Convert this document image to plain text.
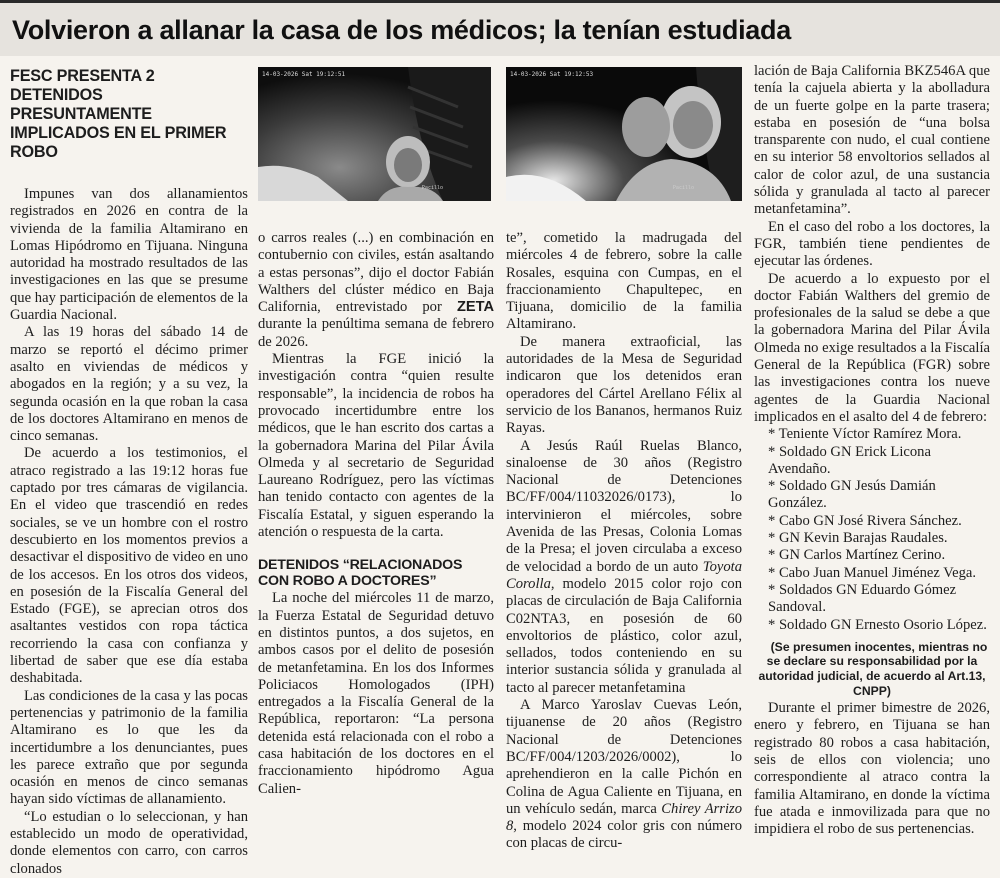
Volvieron a allanar la casa de los médicos; la tenían estudiada
14-03-2026 Sat 19:12:51
Pacillo
14-03-2026 Sat 19:12:53
Pacillo
FESC PRESENTA 2 DETENIDOS PRESUNTAMENTE IMPLICADOS EN EL PRIMER ROBO

Impunes van dos allanamientos registrados en 2026 en contra de la vivienda de la familia Altamirano en Lomas Hipódromo en Tijuana. Ninguna autoridad ha mostrado resultados de las investigaciones en las que se presume que hay participación de elementos de la Guardia Nacional.

A las 19 horas del sábado 14 de marzo se reportó el décimo primer asalto en viviendas de médicos y abogados en la región; y a su vez, la segunda ocasión en la que roban la casa de los doctores Altamirano en menos de cinco semanas.

De acuerdo a los testimonios, el atraco registrado a las 19:12 horas fue captado por tres cámaras de vigilancia. En el video que trascendió en redes sociales, se ve un hombre con el rostro descubierto en los momentos previos a desactivar el dispositivo de video en uno de los accesos. En los otros dos videos, en posesión de la Fiscalía General del Estado (FGE), se aprecian otros dos asaltantes vestidos con ropa táctica recorriendo la casa con confianza y libertad de saber que ese día estaba deshabitada.

Las condiciones de la casa y las pocas pertenencias y patrimonio de la familia Altamirano es lo que les da incertidumbre a los denunciantes, pues les parece extraño que por segunda ocasión en menos de cinco semanas hayan sido víctimas de allanamiento.

“Lo estudian o lo seleccionan, y han establecido un modo de operatividad, donde elementos con carro, con carros clonados

o carros reales (...) en combinación en contubernio con civiles, están asaltando a estas personas”, dijo el doctor Fabián Walthers del clúster médico en Baja California, entrevistado por ZETA durante la penúltima semana de febrero de 2026.

Mientras la FGE inició la investigación contra “quien resulte responsable”, la incidencia de robos ha provocado incertidumbre entre los médicos, que le han escrito dos cartas a la gobernadora Marina del Pilar Ávila Olmeda y al secretario de Seguridad Laureano Rodríguez, pero las víctimas han tenido contacto con agentes de la Fiscalía Estatal, y siguen esperando la atención o respuesta de la carta.

DETENIDOS “RELACIONADOS CON ROBO A DOCTORES”

La noche del miércoles 11 de marzo, la Fuerza Estatal de Seguridad detuvo en distintos puntos, a dos sujetos, en ambos casos por el delito de posesión de metanfetamina. En los dos Informes Policiacos Homologados (IPH) entregados a la Fiscalía General de la República, reportaron: “La persona detenida está relacionada con el robo a casa habitación de los doctores en el fraccionamiento hipódromo Agua Calien-

te”, cometido la madrugada del miércoles 4 de febrero, sobre la calle Rosales, esquina con Cumpas, en el fraccionamiento Chapultepec, en Tijuana, domicilio de la familia Altamirano.

De manera extraoficial, las autoridades de la Mesa de Seguridad indicaron que los detenidos eran operadores del Cártel Arellano Félix al servicio de los Bananos, hermanos Ruiz Rayas.

A Jesús Raúl Ruelas Blanco, sinaloense de 30 años (Registro Nacional de Detenciones BC/FF/004/11032026/0173), lo intervinieron el miércoles, sobre Avenida de las Presas, Colonia Lomas de la Presa; el joven circulaba a exceso de velocidad a bordo de un auto Toyota Corolla, modelo 2015 color rojo con placas de circulación de Baja California C02NTA3, en posesión de 60 envoltorios de plástico, color azul, sellados, todos conteniendo en su interior sustancia sólida y granulada al tacto al parecer metanfetamina

A Marco Yaroslav Cuevas León, tijuanense de 20 años (Registro Nacional de Detenciones BC/FF/004/1203/2026/0002), lo aprehendieron en la calle Pichón en Colina de Agua Caliente en Tijuana, en un vehículo sedán, marca Chirey Arrizo 8, modelo 2024 color gris con número con placas de circu-

lación de Baja California BKZ546A que tenía la cajuela abierta y la abolladura de un fuerte golpe en la parte trasera; estaba en posesión de “una bolsa transparente con nudo, el cual contiene en su interior 58 envoltorios sellados al calor de color azul, de una sustancia sólida y granulada al tacto al parecer metanfetamina”.

En el caso del robo a los doctores, la FGR, también tiene pendientes de ejecutar las órdenes.

De acuerdo a lo expuesto por el doctor Fabián Walthers del gremio de profesionales de la salud se debe a que la gobernadora Marina del Pilar Ávila Olmeda no exige resultados a la Fiscalía General de la República (FGR) sobre las investigaciones contra los nueve agentes de la Guardia Nacional implicados en el asalto del 4 de febrero:

* Teniente Víctor Ramírez Mora.
* Soldado GN Erick Licona Avendaño.
* Soldado GN Jesús Damián González.
* Cabo GN José Rivera Sánchez.
* GN Kevin Barajas Raudales.
* GN Carlos Martínez Cerino.
* Cabo Juan Manuel Jiménez Vega.
* Soldados GN Eduardo Gómez Sandoval.
* Soldado GN Ernesto Osorio López.

(Se presumen inocentes, mientras no se declare su responsabilidad por la autoridad judicial, de acuerdo al Art.13, CNPP)

Durante el primer bimestre de 2026, enero y febrero, en Tijuana se han registrado 80 robos a casa habitación, seis de ellos con violencia; uno correspondiente al atraco contra la familia Altamirano, en donde la víctima fue atada e inmovilizada para que no impidiera el robo de sus pertenencias.
